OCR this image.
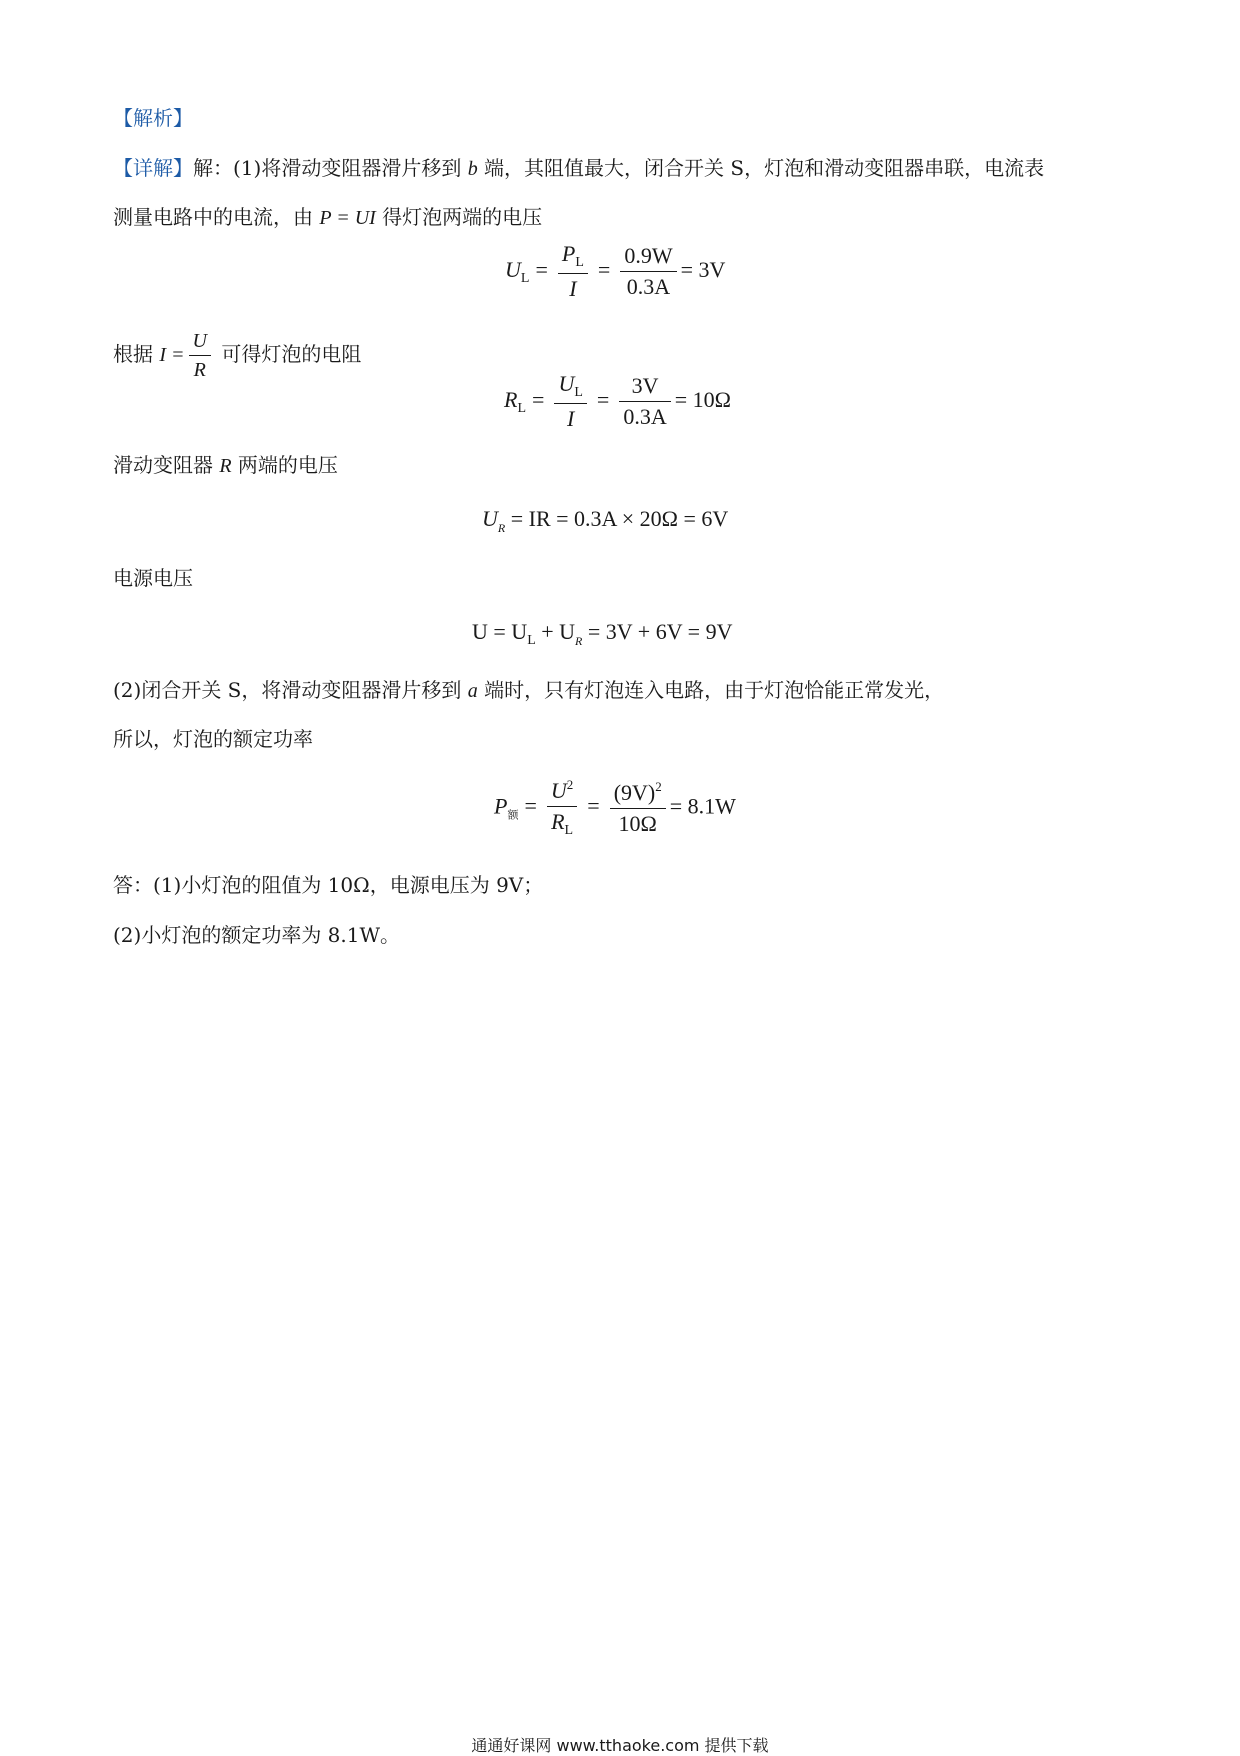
【解析】
【详解】解：(1)将滑动变阻器滑片移到 b 端，其阻值最大，闭合开关 S，灯泡和滑动变阻器串联，电流表
测量电路中的电流，由 P = UI 得灯泡两端的电压
$U_L = \frac{P_L}{I} = \frac{0.9W}{0.3A} = 3V$
根据 $I = \frac{U}{R}$ 可得灯泡的电阻
$R_L = \frac{U_L}{I} = \frac{3V}{0.3A} = 10\Omega$
滑动变阻器 R 两端的电压
$U_R$ = IR = 0.3A × 20Ω = 6V
电源电压
$U = U_L + U_R = 3V + 6V = 9V$
(2)闭合开关 S，将滑动变阻器滑片移到 a 端时，只有灯泡连入电路，由于灯泡恰能正常发光，
所以，灯泡的额定功率
$P_额 = \frac{U^2}{R_L} = \frac{(9V)^2}{10\Omega} = 8.1W$
答：(1)小灯泡的阻值为 10Ω，电源电压为 9V；
(2)小灯泡的额定功率为 8.1W。
通通好课网 www.tthaoke.com 提供下载
